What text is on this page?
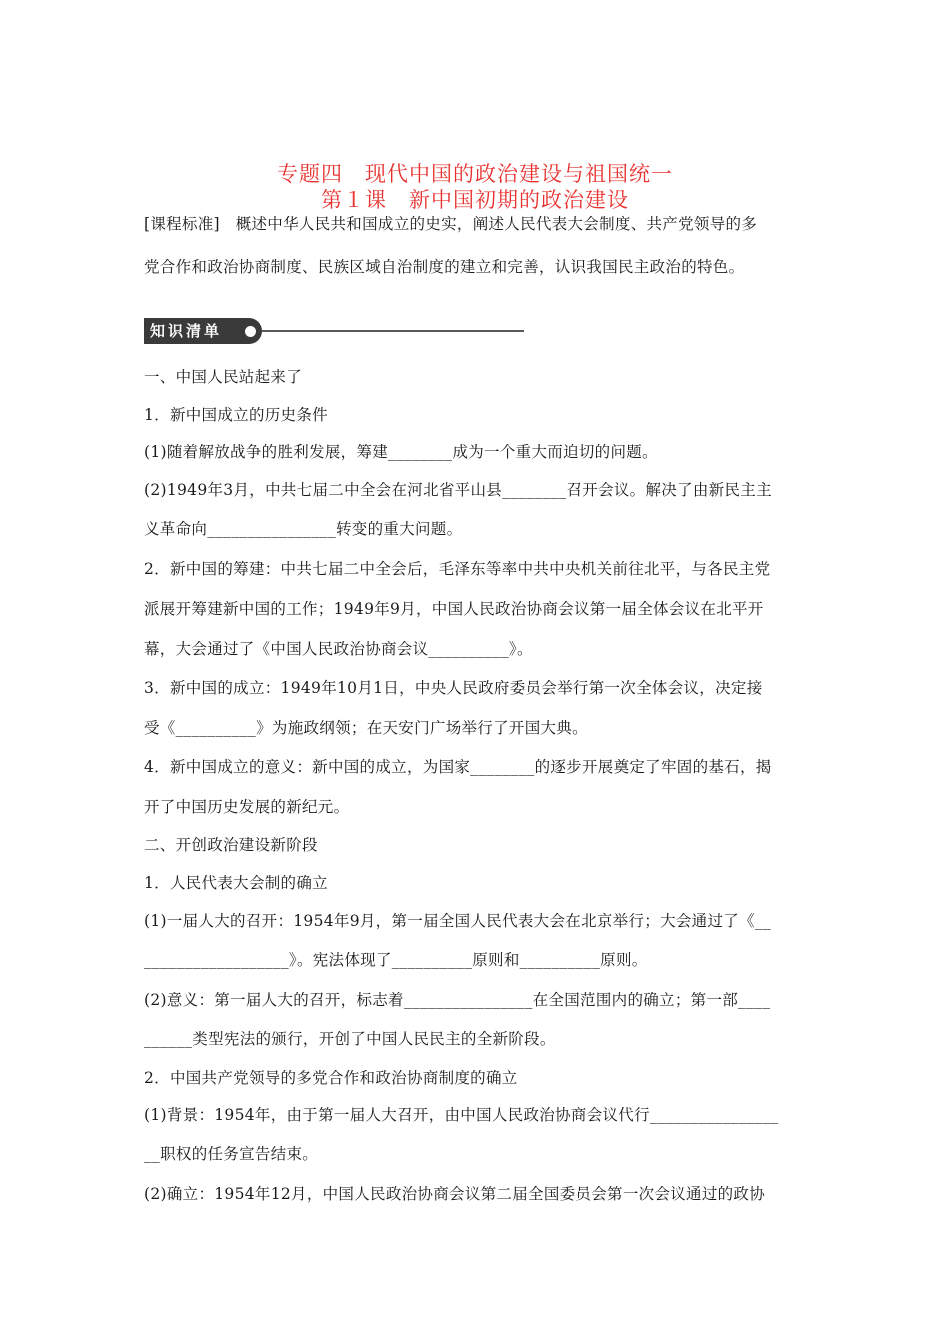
专题四　现代中国的政治建设与祖国统一
第１课　新中国初期的政治建设
[课程标准]　概述中华人民共和国成立的史实，阐述人民代表大会制度、共产党领导的多
党合作和政治协商制度、民族区域自治制度的建立和完善，认识我国民主政治的特色。
知识清单
一、中国人民站起来了
1．新中国成立的历史条件
(1)随着解放战争的胜利发展，筹建________成为一个重大而迫切的问题。
(2)1949年3月，中共七届二中全会在河北省平山县________召开会议。解决了由新民主主
义革命向________________转变的重大问题。
2．新中国的筹建：中共七届二中全会后，毛泽东等率中共中央机关前往北平，与各民主党
派展开筹建新中国的工作；1949年9月，中国人民政治协商会议第一届全体会议在北平开
幕，大会通过了《中国人民政治协商会议__________》。
3．新中国的成立：1949年10月1日，中央人民政府委员会举行第一次全体会议，决定接
受《__________》为施政纲领；在天安门广场举行了开国大典。
4．新中国成立的意义：新中国的成立，为国家________的逐步开展奠定了牢固的基石，揭
开了中国历史发展的新纪元。
二、开创政治建设新阶段
1．人民代表大会制的确立
(1)一届人大的召开：1954年9月，第一届全国人民代表大会在北京举行；大会通过了《__
__________________》。宪法体现了__________原则和__________原则。
(2)意义：第一届人大的召开，标志着________________在全国范围内的确立；第一部____
______类型宪法的颁行，开创了中国人民民主的全新阶段。
2．中国共产党领导的多党合作和政治协商制度的确立
(1)背景：1954年，由于第一届人大召开，由中国人民政治协商会议代行________________
__职权的任务宣告结束。
(2)确立：1954年12月，中国人民政治协商会议第二届全国委员会第一次会议通过的政协
